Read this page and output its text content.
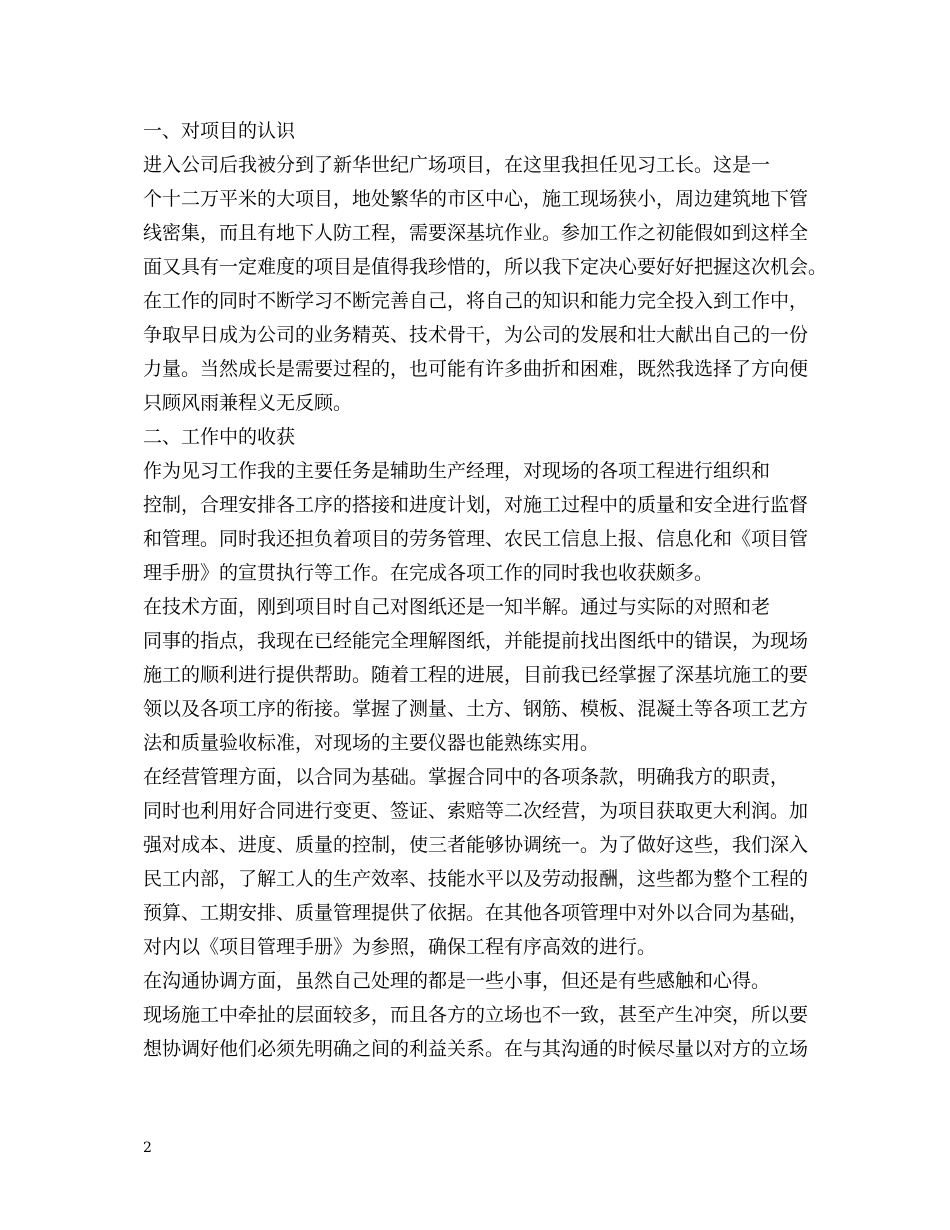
一、对项目的认识
进入公司后我被分到了新华世纪广场项目，在这里我担任见习工长。这是一
个十二万平米的大项目，地处繁华的市区中心，施工现场狭小，周边建筑地下管
线密集，而且有地下人防工程，需要深基坑作业。参加工作之初能假如到这样全
面又具有一定难度的项目是值得我珍惜的，所以我下定决心要好好把握这次机会。
在工作的同时不断学习不断完善自己，将自己的知识和能力完全投入到工作中，
争取早日成为公司的业务精英、技术骨干，为公司的发展和壮大献出自己的一份
力量。当然成长是需要过程的，也可能有许多曲折和困难，既然我选择了方向便
只顾风雨兼程义无反顾。
二、工作中的收获
作为见习工作我的主要任务是辅助生产经理，对现场的各项工程进行组织和
控制，合理安排各工序的搭接和进度计划，对施工过程中的质量和安全进行监督
和管理。同时我还担负着项目的劳务管理、农民工信息上报、信息化和《项目管
理手册》的宣贯执行等工作。在完成各项工作的同时我也收获颇多。
在技术方面，刚到项目时自己对图纸还是一知半解。通过与实际的对照和老
同事的指点，我现在已经能完全理解图纸，并能提前找出图纸中的错误，为现场
施工的顺利进行提供帮助。随着工程的进展，目前我已经掌握了深基坑施工的要
领以及各项工序的衔接。掌握了测量、土方、钢筋、模板、混凝土等各项工艺方
法和质量验收标准，对现场的主要仪器也能熟练实用。
在经营管理方面，以合同为基础。掌握合同中的各项条款，明确我方的职责，
同时也利用好合同进行变更、签证、索赔等二次经营，为项目获取更大利润。加
强对成本、进度、质量的控制，使三者能够协调统一。为了做好这些，我们深入
民工内部，了解工人的生产效率、技能水平以及劳动报酬，这些都为整个工程的
预算、工期安排、质量管理提供了依据。在其他各项管理中对外以合同为基础，
对内以《项目管理手册》为参照，确保工程有序高效的进行。
在沟通协调方面，虽然自己处理的都是一些小事，但还是有些感触和心得。
现场施工中牵扯的层面较多，而且各方的立场也不一致，甚至产生冲突，所以要
想协调好他们必须先明确之间的利益关系。在与其沟通的时候尽量以对方的立场
2
